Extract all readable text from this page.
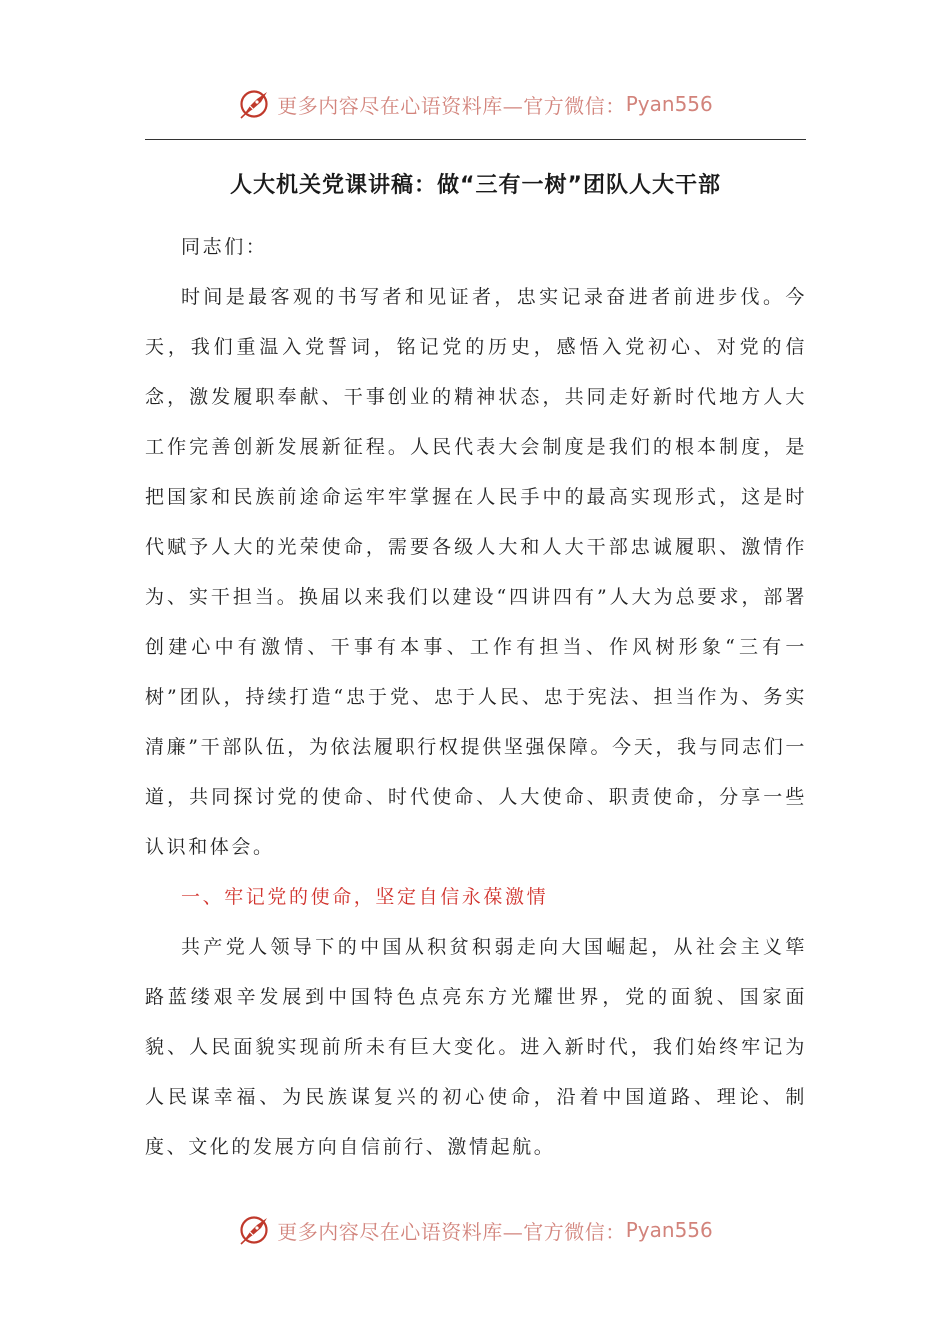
更多内容尽在心语资料库—官方微信： Pyan556
人大机关党课讲稿：做“三有一树”团队人大干部

同志们：

时间是最客观的书写者和见证者，忠实记录奋进者前进步伐。今天，我们重温入党誓词，铭记党的历史，感悟入党初心、对党的信念，激发履职奉献、干事创业的精神状态，共同走好新时代地方人大工作完善创新发展新征程。人民代表大会制度是我们的根本制度，是把国家和民族前途命运牢牢掌握在人民手中的最高实现形式，这是时代赋予人大的光荣使命，需要各级人大和人大干部忠诚履职、激情作为、实干担当。换届以来我们以建设“四讲四有”人大为总要求，部署创建心中有激情、干事有本事、工作有担当、作风树形象“三有一树”团队，持续打造“忠于党、忠于人民、忠于宪法、担当作为、务实清廉”干部队伍，为依法履职行权提供坚强保障。今天，我与同志们一道，共同探讨党的使命、时代使命、人大使命、职责使命，分享一些认识和体会。

一、牢记党的使命，坚定自信永葆激情

共产党人领导下的中国从积贫积弱走向大国崛起，从社会主义筚路蓝缕艰辛发展到中国特色点亮东方光耀世界，党的面貌、国家面貌、人民面貌实现前所未有巨大变化。进入新时代，我们始终牢记为人民谋幸福、为民族谋复兴的初心使命，沿着中国道路、理论、制度、文化的发展方向自信前行、激情起航。

更多内容尽在心语资料库—官方微信： Pyan556
